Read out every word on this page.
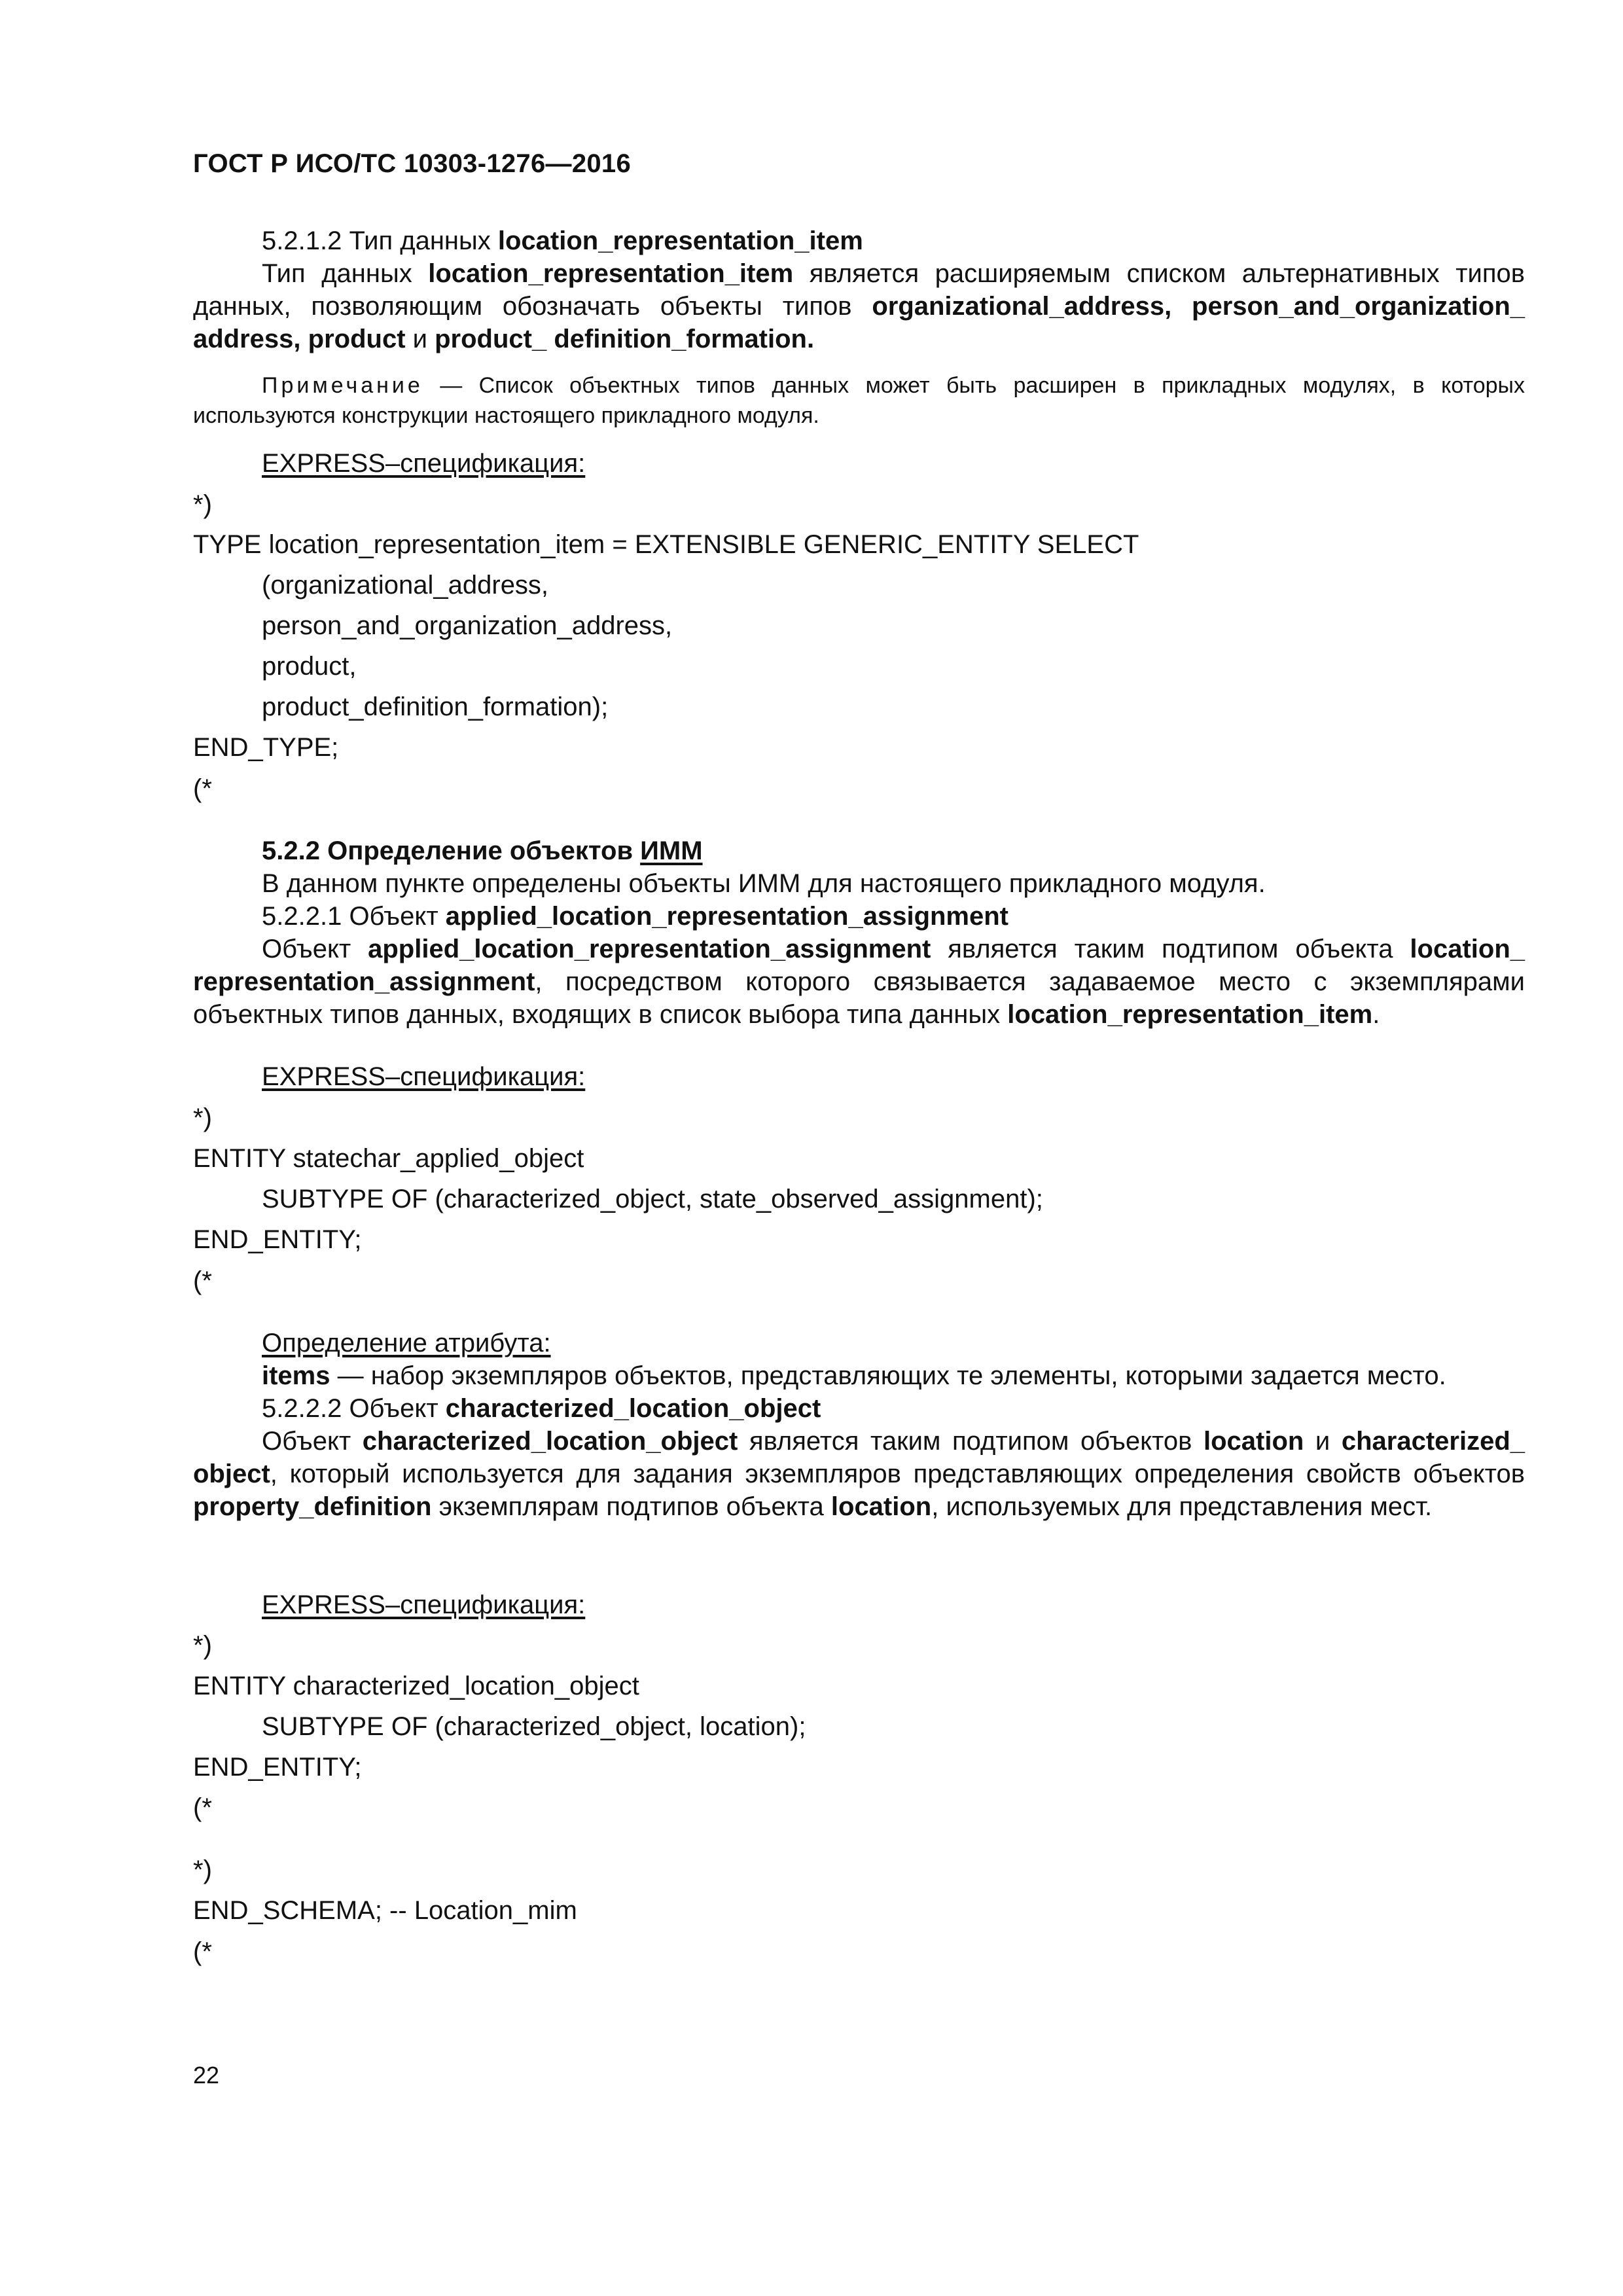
ГОСТ Р ИСО/ТС 10303-1276—2016
5.2.1.2 Тип данных location_representation_item

Тип данных location_representation_item является расширяемым списком альтернативных типов данных, позволяющим обозначать объекты типов organizational_address, person_and_organization_ address, product и product_ definition_formation.

Примечание — Список объектных типов данных может быть расширен в прикладных модулях, в которых используются конструкции настоящего прикладного модуля.

EXPRESS–спецификация:
*)
TYPE location_representation_item = EXTENSIBLE GENERIC_ENTITY SELECT
(organizational_address,
person_and_organization_address,
product,
product_definition_formation);
END_TYPE;
(*
5.2.2 Определение объектов ИММ
В данном пункте определены объекты ИММ для настоящего прикладного модуля.
5.2.2.1 Объект applied_location_representation_assignment

Объект applied_location_representation_assignment является таким подтипом объекта location_ representation_assignment, посредством которого связывается задаваемое место с экземплярами объектных типов данных, входящих в список выбора типа данных location_representation_item.

EXPRESS–спецификация:
*)
ENTITY statechar_applied_object
SUBTYPE OF (characterized_object, state_observed_assignment);
END_ENTITY;
(*
Определение атрибута:
items — набор экземпляров объектов, представляющих те элементы, которыми задается место.
5.2.2.2 Объект characterized_location_object

Объект characterized_location_object является таким подтипом объектов location и characterized_ object, который используется для задания экземпляров представляющих определения свойств объектов property_definition экземплярам подтипов объекта location, используемых для представления мест.

EXPRESS–спецификация:
*)
ENTITY characterized_location_object
SUBTYPE OF (characterized_object, location);
END_ENTITY;
(*
*)
END_SCHEMA; -- Location_mim
(*
22
